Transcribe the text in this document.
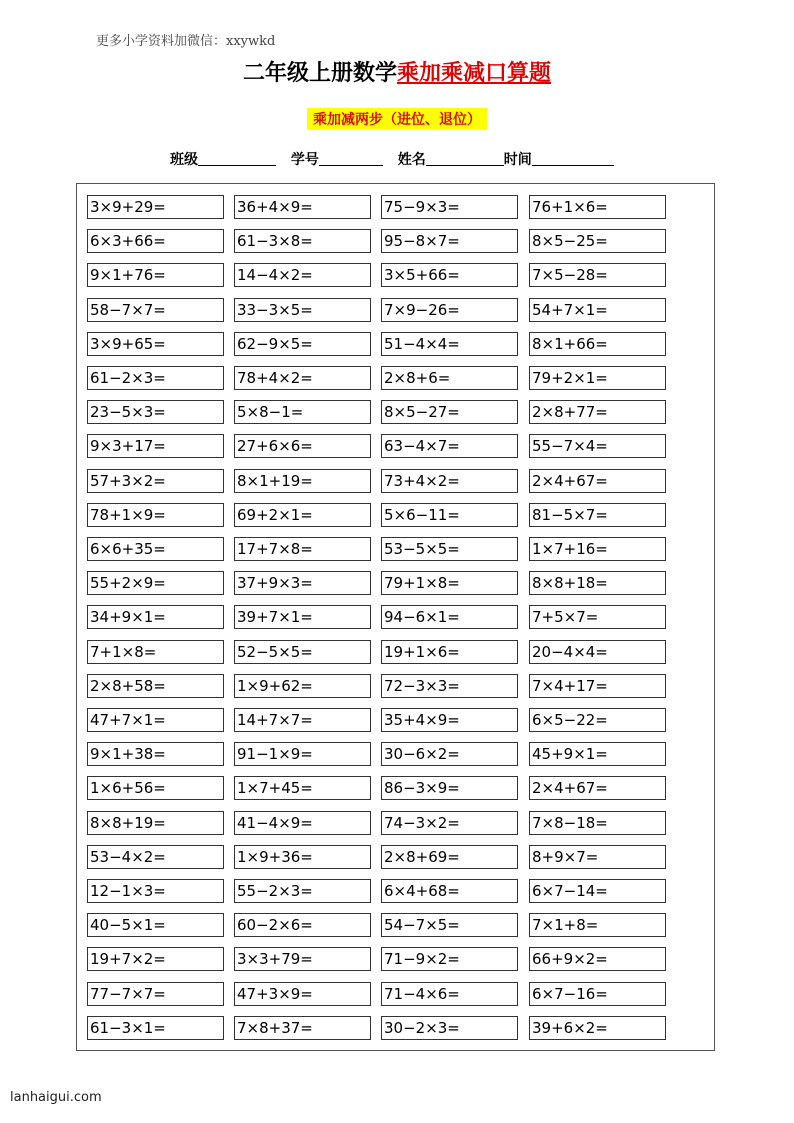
更多小学资料加微信：xxywkd
二年级上册数学乘加乘减口算题
乘加减两步（进位、退位）
班级	学号	姓名	时间
3×9+29=	36+4×9=	75−9×3=	76+1×6=
6×3+66=	61−3×8=	95−8×7=	8×5−25=
9×1+76=	14−4×2=	3×5+66=	7×5−28=
58−7×7=	33−3×5=	7×9−26=	54+7×1=
3×9+65=	62−9×5=	51−4×4=	8×1+66=
61−2×3=	78+4×2=	2×8+6=	79+2×1=
23−5×3=	5×8−1=	8×5−27=	2×8+77=
9×3+17=	27+6×6=	63−4×7=	55−7×4=
57+3×2=	8×1+19=	73+4×2=	2×4+67=
78+1×9=	69+2×1=	5×6−11=	81−5×7=
6×6+35=	17+7×8=	53−5×5=	1×7+16=
55+2×9=	37+9×3=	79+1×8=	8×8+18=
34+9×1=	39+7×1=	94−6×1=	7+5×7=
7+1×8=	52−5×5=	19+1×6=	20−4×4=
2×8+58=	1×9+62=	72−3×3=	7×4+17=
47+7×1=	14+7×7=	35+4×9=	6×5−22=
9×1+38=	91−1×9=	30−6×2=	45+9×1=
1×6+56=	1×7+45=	86−3×9=	2×4+67=
8×8+19=	41−4×9=	74−3×2=	7×8−18=
53−4×2=	1×9+36=	2×8+69=	8+9×7=
12−1×3=	55−2×3=	6×4+68=	6×7−14=
40−5×1=	60−2×6=	54−7×5=	7×1+8=
19+7×2=	3×3+79=	71−9×2=	66+9×2=
77−7×7=	47+3×9=	71−4×6=	6×7−16=
61−3×1=	7×8+37=	30−2×3=	39+6×2=
lanhaigui.com
